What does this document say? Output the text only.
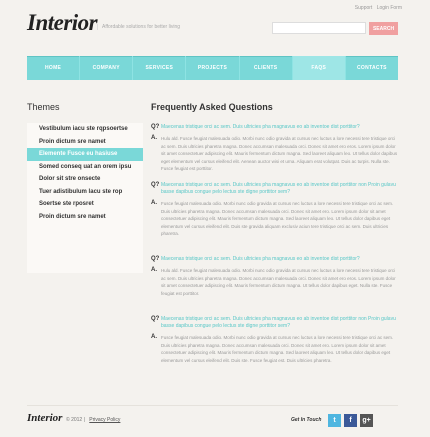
Support Login Form
Interior Affordable solutions for better living	SEARCH
HOME	COMPANY	SERVICES	PROJECTS	CLIENTS	FAQS	CONTACTS
Themes
Vestibulum iacu ste rqpsoertse
Proin dictum sre namet
Elemente Fusce eu hasiuse
Somed conseq uat an orem ipsu
Dolor sit stre onsecte
Tuer adistibulum lacu ste rop
Soertse ste rposret
Proin dictum sre namet
Frequently Asked Questions
Q? Maecenas tristique orci ac sem. Duis ultricies pha magnavus eo ab inventoe dist porttitor?
A. Hulu ald. Fusce feugiat malesuada odio. Morbi nunc odio gravida at cursus nec luctus a lore necessi tere tristique orci ac sem. Duis ultricies pharetra magna. Donec accumsan malesuada orci. Donec sit amet ero eros. Lorem ipsum dolor sit amet consectetuer adipiscing elit. Mauris fermentum dictum magna. Sed laoreet aliquam leo. Ut tellus dolor dapibus eget elementum vel cursus eleifend elit. Aenean auctor wisi et urna. Aliquam erat volutpat. Duis ac turpis. Nulla ste. Fusce feugiat est porttitor.
Q? Maecenas tristique orci ac sem. Duis ultricies pha magnavus eo ab inventoe dist porttitor non Proin gulavu basse dapibus congue pelo lectus ste digne porttitor sem?
A. Fusce feugiat malesuada odio. Morbi nunc odio gravida at cursus nec luctus a lore necessi tere tristique orci ac sem. Duis ultricies pharetra magna. Donec accumsan malesuada orci. Donec sit amet ero. Lorem ipsum dolor sit amet consectetuer adipiscing elit. Mauris fermentum dictum magna. Sed laoreet aliquam leo. Ut tellus dolor dapibus eget elementum vel cursus eleifend elit. Duis ste gravida aliquam exclusiv aciun tere tristique orci ac sem. Duis ultricies pharetra.
Q? Maecenas tristique orci ac sem. Duis ultricies pha magnavus eo ab inventoe dist porttitor?
A. Hulu ald. Fusce feugiat malesuada odio. Morbi nunc odio gravida at cursus nec luctus a lore necessi tere tristique orci ac sem. Duis ultricies pharetra magna. Donec accumsan malesuada orci. Donec sit amet ero eros. Lorem ipsum dolor sit amet consectetuer adipiscing elit. Mauris fermentum dictum magna. Ut tellus dolor dapibus eget. Nulla ste. Fusce feugiat est porttitor.
Q? Maecenas tristique orci ac sem. Duis ultricies pha magnavus eo ab inventoe dist porttitor non Proin gulavu basse dapibus congue pelo lectus ste digne porttitor sem?
A. Fusce feugiat malesuada odio. Morbi nunc odio gravida at cursus nec luctus a lore necessi tere tristique orci ac sem. Duis ultricies pharetra magna. Donec accumsan malesuada orci. Donec sit amet ero. Lorem ipsum dolor sit amet consectetuer adipiscing elit. Mauris fermentum dictum magna. Sed laoreet aliquam leo. Ut tellus dolor dapibus eget elementum vel cursus eleifend elit. Duis ste. Fusce feugiat est. Duis ultricies pharetra.
Interior © 2012 | Privacy Policy	Get In Touch	t	f	g+
